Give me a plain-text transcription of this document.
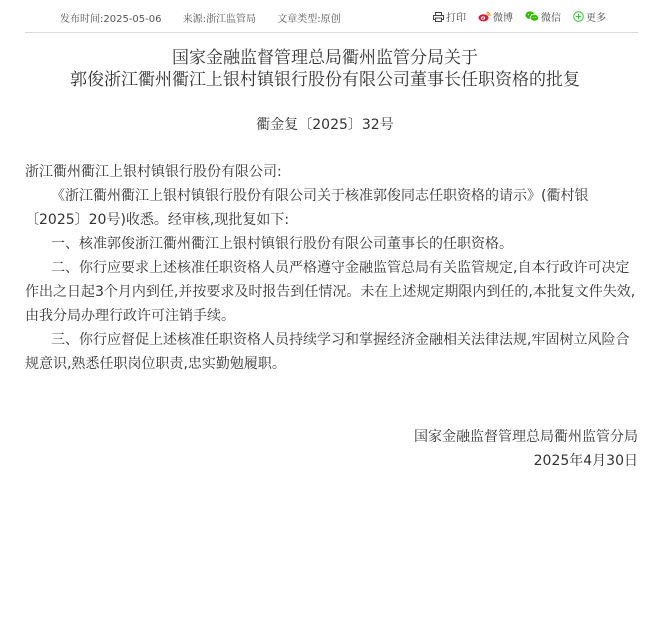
发布时间:2025-05-06 来源:浙江监管局 文章类型:原创	打印	微博	微信	更多
国家金融监督管理总局衢州监管分局关于
郭俊浙江衢州衢江上银村镇银行股份有限公司董事长任职资格的批复
衢金复〔2025〕32号
浙江衢州衢江上银村镇银行股份有限公司:
《浙江衢州衢江上银村镇银行股份有限公司关于核准郭俊同志任职资格的请示》(衢村银〔2025〕20号)收悉。经审核,现批复如下:
一、核准郭俊浙江衢州衢江上银村镇银行股份有限公司董事长的任职资格。
二、你行应要求上述核准任职资格人员严格遵守金融监管总局有关监管规定,自本行政许可决定作出之日起3个月内到任,并按要求及时报告到任情况。未在上述规定期限内到任的,本批复文件失效,由我分局办理行政许可注销手续。
三、你行应督促上述核准任职资格人员持续学习和掌握经济金融相关法律法规,牢固树立风险合规意识,熟悉任职岗位职责,忠实勤勉履职。
国家金融监督管理总局衢州监管分局
2025年4月30日
